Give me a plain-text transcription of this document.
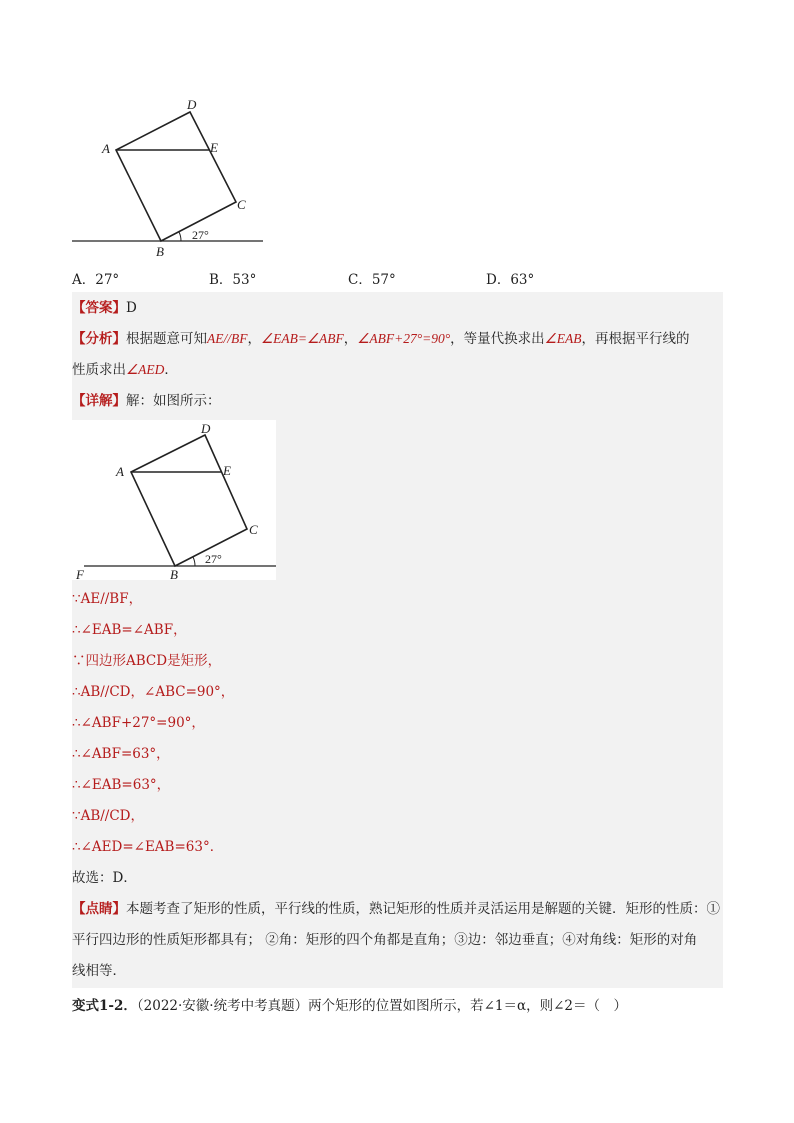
A
D
E
C
B
27°
A．27°	B．53°	C．57°	D．63°
【答案】D
【分析】根据题意可知AE//BF，∠EAB=∠ABF，∠ABF+27°=90°，等量代换求出∠EAB，再根据平行线的
性质求出∠AED．
【详解】解：如图所示：
A
D
E
C
B
F
27°
∵AE//BF，
∴∠EAB=∠ABF，
∵四边形ABCD是矩形，
∴AB//CD，∠ABC=90°，
∴∠ABF+27°=90°，
∴∠ABF=63°，
∴∠EAB=63°，
∵AB//CD，
∴∠AED=∠EAB=63°．
故选：D．
【点睛】本题考查了矩形的性质，平行线的性质，熟记矩形的性质并灵活运用是解题的关键．矩形的性质：①
平行四边形的性质矩形都具有； ②角：矩形的四个角都是直角；③边：邻边垂直；④对角线：矩形的对角
线相等．
变式1-2．（2022·安徽·统考中考真题）两个矩形的位置如图所示，若∠1＝α，则∠2＝（　）
